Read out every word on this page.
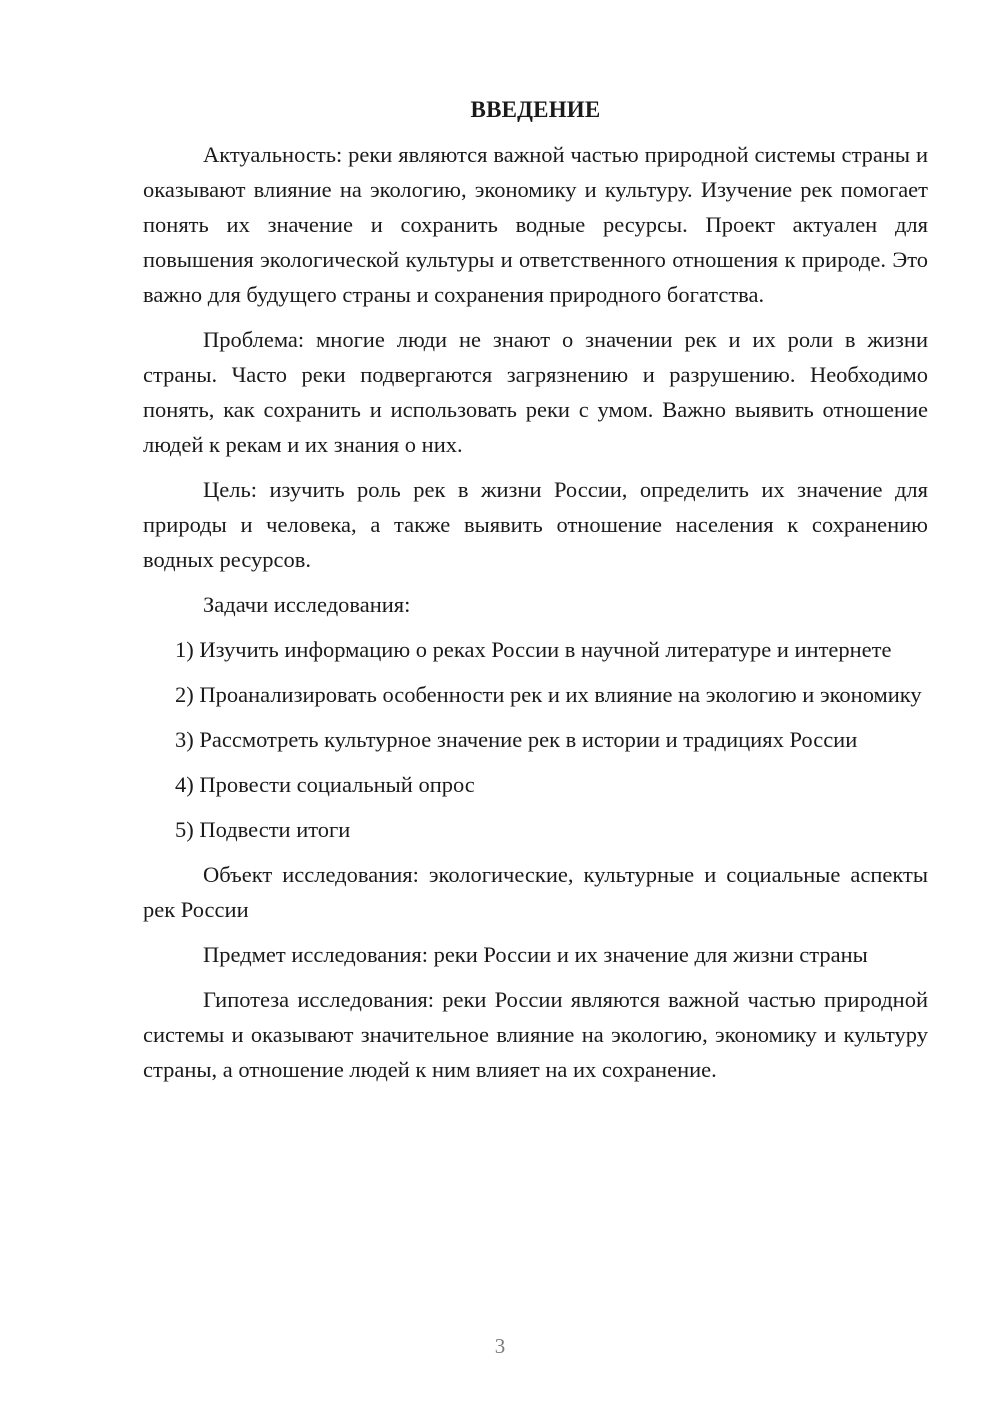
ВВЕДЕНИЕ

Актуальность: реки являются важной частью природной системы страны и оказывают влияние на экологию, экономику и культуру. Изучение рек помогает понять их значение и сохранить водные ресурсы. Проект актуален для повышения экологической культуры и ответственного отношения к природе. Это важно для будущего страны и сохранения природного богатства.

Проблема: многие люди не знают о значении рек и их роли в жизни страны. Часто реки подвергаются загрязнению и разрушению. Необходимо понять, как сохранить и использовать реки с умом. Важно выявить отношение людей к рекам и их знания о них.

Цель: изучить роль рек в жизни России, определить их значение для природы и человека, а также выявить отношение населения к сохранению водных ресурсов.

Задачи исследования:

1) Изучить информацию о реках России в научной литературе и интернете
2) Проанализировать особенности рек и их влияние на экологию и экономику
3) Рассмотреть культурное значение рек в истории и традициях России
4) Провести социальный опрос
5) Подвести итоги

Объект исследования: экологические, культурные и социальные аспекты рек России

Предмет исследования: реки России и их значение для жизни страны

Гипотеза исследования: реки России являются важной частью природной системы и оказывают значительное влияние на экологию, экономику и культуру страны, а отношение людей к ним влияет на их сохранение.

3
